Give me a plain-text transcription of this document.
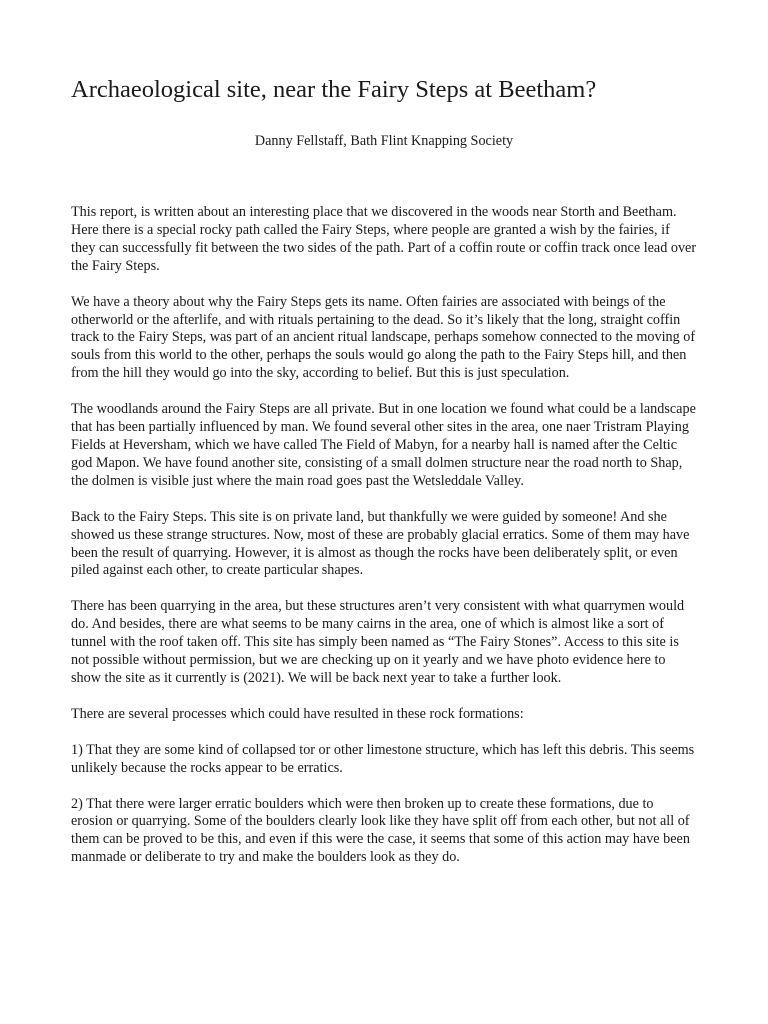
Archaeological site, near the Fairy Steps at Beetham?
Danny Fellstaff, Bath Flint Knapping Society

This report, is written about an interesting place that we discovered in the woods near Storth and Beetham. Here there is a special rocky path called the Fairy Steps, where people are granted a wish by the fairies, if they can successfully fit between the two sides of the path. Part of a coffin route or coffin track once lead over the Fairy Steps.

We have a theory about why the Fairy Steps gets its name. Often fairies are associated with beings of the otherworld or the afterlife, and with rituals pertaining to the dead. So it’s likely that the long, straight coffin track to the Fairy Steps, was part of an ancient ritual landscape, perhaps somehow connected to the moving of souls from this world to the other, perhaps the souls would go along the path to the Fairy Steps hill, and then from the hill they would go into the sky, according to belief. But this is just speculation.

The woodlands around the Fairy Steps are all private. But in one location we found what could be a landscape that has been partially influenced by man. We found several other sites in the area, one naer Tristram Playing Fields at Heversham, which we have called The Field of Mabyn, for a nearby hall is named after the Celtic god Mapon. We have found another site, consisting of a small dolmen structure near the road north to Shap, the dolmen is visible just where the main road goes past the Wetsleddale Valley.

Back to the Fairy Steps. This site is on private land, but thankfully we were guided by someone! And she showed us these strange structures. Now, most of these are probably glacial erratics. Some of them may have been the result of quarrying. However, it is almost as though the rocks have been deliberately split, or even piled against each other, to create particular shapes.

There has been quarrying in the area, but these structures aren’t very consistent with what quarrymen would do. And besides, there are what seems to be many cairns in the area, one of which is almost like a sort of tunnel with the roof taken off. This site has simply been named as “The Fairy Stones”. Access to this site is not possible without permission, but we are checking up on it yearly and we have photo evidence here to show the site as it currently is (2021). We will be back next year to take a further look.

There are several processes which could have resulted in these rock formations:

1) That they are some kind of collapsed tor or other limestone structure, which has left this debris. This seems unlikely because the rocks appear to be erratics.

2) That there were larger erratic boulders which were then broken up to create these formations, due to erosion or quarrying. Some of the boulders clearly look like they have split off from each other, but not all of them can be proved to be this, and even if this were the case, it seems that some of this action may have been manmade or deliberate to try and make the boulders look as they do.
